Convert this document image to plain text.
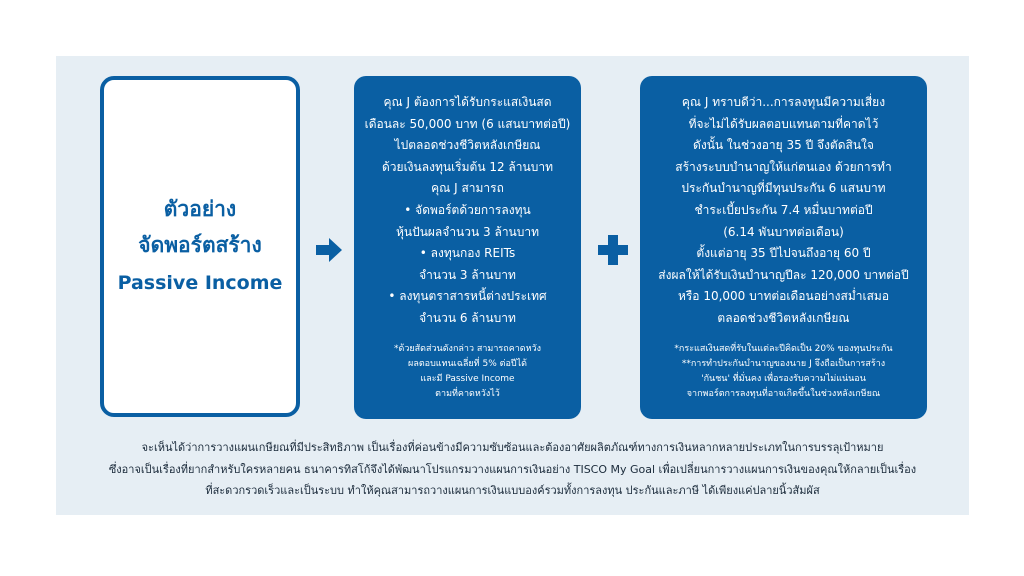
ตัวอย่าง
จัดพอร์ตสร้าง
Passive Income
คุณ J ต้องการได้รับกระแสเงินสด
เดือนละ 50,000 บาท (6 แสนบาทต่อปี)
ไปตลอดช่วงชีวิตหลังเกษียณ
ด้วยเงินลงทุนเริ่มต้น 12 ล้านบาท
คุณ J สามารถ
• จัดพอร์ตด้วยการลงทุน
หุ้นปันผลจำนวน 3 ล้านบาท
• ลงทุนกอง REITs
จำนวน 3 ล้านบาท
• ลงทุนตราสารหนี้ต่างประเทศ
จำนวน 6 ล้านบาท
*ด้วยสัดส่วนดังกล่าว สามารถคาดหวัง
ผลตอบแทนเฉลี่ยที่ 5% ต่อปีได้
และมี Passive Income
ตามที่คาดหวังไว้
คุณ J ทราบดีว่า...การลงทุนมีความเสี่ยง
ที่จะไม่ได้รับผลตอบแทนตามที่คาดไว้
ดังนั้น ในช่วงอายุ 35 ปี จึงตัดสินใจ
สร้างระบบบำนาญให้แก่ตนเอง ด้วยการทำ
ประกันบำนาญที่มีทุนประกัน 6 แสนบาท
ชำระเบี้ยประกัน 7.4 หมื่นบาทต่อปี
(6.14 พันบาทต่อเดือน)
ตั้งแต่อายุ 35 ปีไปจนถึงอายุ 60 ปี
ส่งผลให้ได้รับเงินบำนาญปีละ 120,000 บาทต่อปี
หรือ 10,000 บาทต่อเดือนอย่างสม่ำเสมอ
ตลอดช่วงชีวิตหลังเกษียณ
*กระแสเงินสดที่รับในแต่ละปีคิดเป็น 20% ของทุนประกัน
**การทำประกันบำนาญของนาย J จึงถือเป็นการสร้าง
'กันชน' ที่มั่นคง เพื่อรองรับความไม่แน่นอน
จากพอร์ตการลงทุนที่อาจเกิดขึ้นในช่วงหลังเกษียณ
จะเห็นได้ว่าการวางแผนเกษียณที่มีประสิทธิภาพ เป็นเรื่องที่ค่อนข้างมีความซับซ้อนและต้องอาศัยผลิตภัณฑ์ทางการเงินหลากหลายประเภทในการบรรลุเป้าหมาย
ซึ่งอาจเป็นเรื่องที่ยากสำหรับใครหลายคน ธนาคารทิสโก้จึงได้พัฒนาโปรแกรมวางแผนการเงินอย่าง TISCO My Goal เพื่อเปลี่ยนการวางแผนการเงินของคุณให้กลายเป็นเรื่อง
ที่สะดวกรวดเร็วและเป็นระบบ ทำให้คุณสามารถวางแผนการเงินแบบองค์รวมทั้งการลงทุน ประกันและภาษี ได้เพียงแค่ปลายนิ้วสัมผัส
